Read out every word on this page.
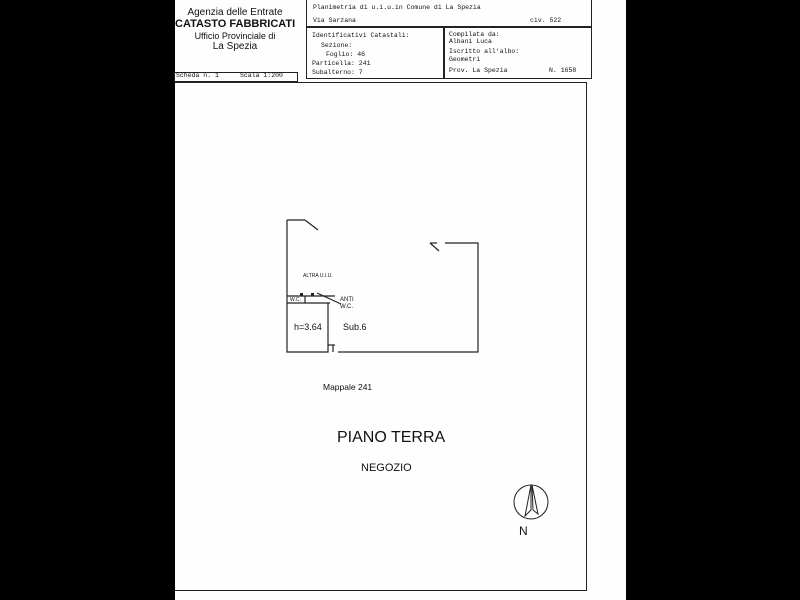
Agenzia delle Entrate
CATASTO FABBRICATI
Ufficio Provinciale di
La Spezia
Planimetria di u.i.u.in Comune di La Spezia
Via Sarzana	civ. 522
Identificativi Catastali:
Sezione:
Foglio: 46
Particella: 241
Subalterno: 7
Compilata da:
Albani Luca
Iscritto all'albo:
Geometri
Prov. La Spezia	N. 1658
Scheda n. 1	Scala 1:200
ALTRA U.I.U.
W.C.	ANTI
W.C.
h=3.64 Sub.6
Mappale 241
PIANO TERRA
NEGOZIO
N
